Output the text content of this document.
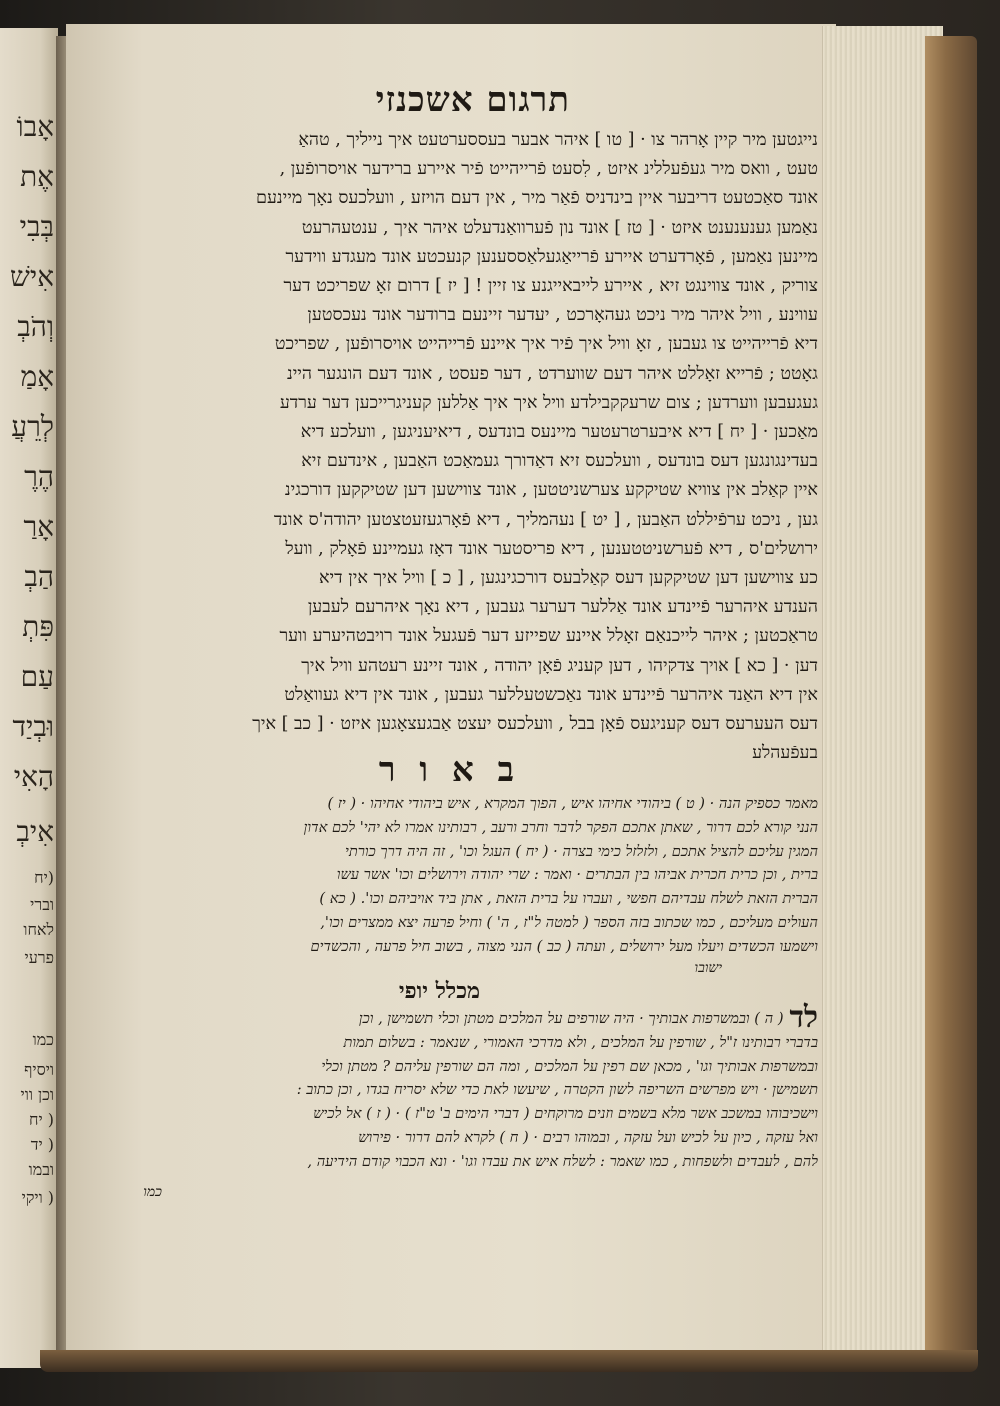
אָבוֹ
אֶת
בְּבִי
אִישׁ
וְהֹבְ
אָמַ
לְרֵעֲ
הֶרֶ
אָרַ
הַבְ
פִּתְ
עַם
וּבְיַד
הָאִי
אִיבְ
(יח
וברי
לאחו
פרעי
כמו
ויסיף
וכן ווי
( יח
( יד
ובמו
( ויקי
תרגום אשכנזי

נייגטען מיר קיין אָרהר צו · [ טו ] איהר אבער בעססערטעט איך נייליך , טהאַ

טעט , וואס מיר געפֿעללינ איזט , לִסעט פֿרייהייט פֿיר איירע ברידער אויסרופֿען ,

אונד סאַכטעט דריבער איין בינדניס פֿאַר מיר , אין דעם הויזע , וועלכעס נאָך מיינעם

נאַמען גענענענט איזט · [ טז ] אונד נון פֿערוואַנדעלט איהר איך , ענטעהרעט

מיינען נאַמען , פֿאָרדערט איירע פֿרייאַגעלאַססענען קנעכטע אונד מעגדע ווידער

צוריק , אונד צווינגט זיא , איירע לייבאייגנע צו זיין ! [ יז ] דרום זאָ שפריכט דער

עווינע , וויל איהר מיר ניכט געהאָרכט , יעדער זיינעם ברודער אונד נעכסטען

דיא פֿרייהייט צו געבען , זאָ וויל איך פֿיר איך איינע פֿרייהייט אויסרופֿען , שפריכט

גאָטט ; פֿרייא זאָללט איהר דעם שווערדט , דער פעסט , אונד דעם הונגער היינ

געגעבען ווערדען ; צום שרעקקבילדע וויל איך איך אַללען קעניגרייכען דער ערדע

מאַכען · [ יח ] דיא איבערטרעטער מיינעס בונדעס , דיאיעניגען , וועלכע דיא

בעדינגונגען דעס בונדעס , וועלכעס זיא דאַדורך געמאַכט האַבען , אינדעם זיא

איין קאַלב אין צוויא שטיקקע צערשניטטען , אונד צווישען דען שטיקקען דורכגינ

גען , ניכט ערפֿיללט האַבען , [ יט ] נעהמליך , דיא פֿאָרגעזעטצטען יהודה'ס אונד

ירושלים'ס , דיא פֿערשניטטענען , דיא פריסטער אונד דאָז געמיינע פֿאָלק , וועל

כע צווישען דען שטיקקען דעס קאַלבעס דורכגינגען , [ כ ] וויל איך אין דיא

הענדע איהרער פֿיינדע אונד אַללער דערער געבען , דיא נאָך איהרעם לעבען

טראַכטען ; איהר לייכנאַם זאָלל איינע שפייזע דער פֿעגעל אונד רויבטהיערע ווער

דען · [ כא ] אויך צדקיהו , דען קעניג פֿאָן יהודה , אונד זיינע רעטהע וויל איך

אין דיא האַנד איהרער פֿיינדע אונד נאַכשטעללער געבען , אונד אין דיא געוואַלט

דעס העערעס דעס קעניגעס פֿאָן בבל , וועלכעס יעצט אַבגעצאָגען איזט · [ כב ] איך

בעפֿעהלע

ב א ו ר

מאמר כספיק הנה · ( ט ) ביהודי אחיהו איש , הפוך המקרא , איש ביהודי אחיהו · ( יז )

הנני קורא לכם דרור , שאתן אתכם הפקר לדבר וחרב ורעב , רבותינו אמרו לא יהי' לכם אדון

המגין עליכם להציל אתכם , ולזלזל כימי בצרה · ( יח ) העגל וכו' , זה היה דרך כורתי

ברית , וכן כרית חכרית אביהו בין הבתרים · ואמר : שרי יהודה וירושלים וכו' אשר עשו

הברית הזאת לשלח עבדיהם חפשי , ועברו על ברית הזאת , אתן ביד אויביהם וכו'. ( כא )

העולים מעליכם , כמו שכתוב בזה הספר ( למטה ל"ז , ה' ) וחיל פרעה יצא ממצרים וכו',

וישמעו הכשדים ויעלו מעל ירושלים , ועתה ( כב ) הנני מצוה , בשוב חיל פרעה , והכשדים

ישובו
מכלל יופי

לד( ה ) ובמשרפות אבותיך · היה שורפים על המלכים מטתן וכלי תשמישן , וכן

בדברי רבותינו ז"ל , שורפין על המלכים , ולא מדרכי האמורי , שנאמר : בשלום תמות

ובמשרפות אבותיך וגו' , מכאן שם רפין על המלכים , ומה הם שורפין עליהם ? מטתן וכלי

תשמישן · ויש מפרשים השריפה לשון הקטרה , שיעשו לאת כדי שלא יסריח בגדו , וכן כתוב :

וישכיבוהו במשכב אשר מלא בשמים וזנים מרוקחים ( דברי הימים ב' ט"ז ) · ( ז ) אל לכיש

ואל עזקה , כיון על לכיש ועל עזקה , ובמוהו רבים · ( ח ) לקרא להם דרור · פירוש

להם , לעבדים ולשפחות , כמו שאמר : לשלח איש את עבדו וגו' · ונא הכבוי קודם הידיעה ,

כמו
